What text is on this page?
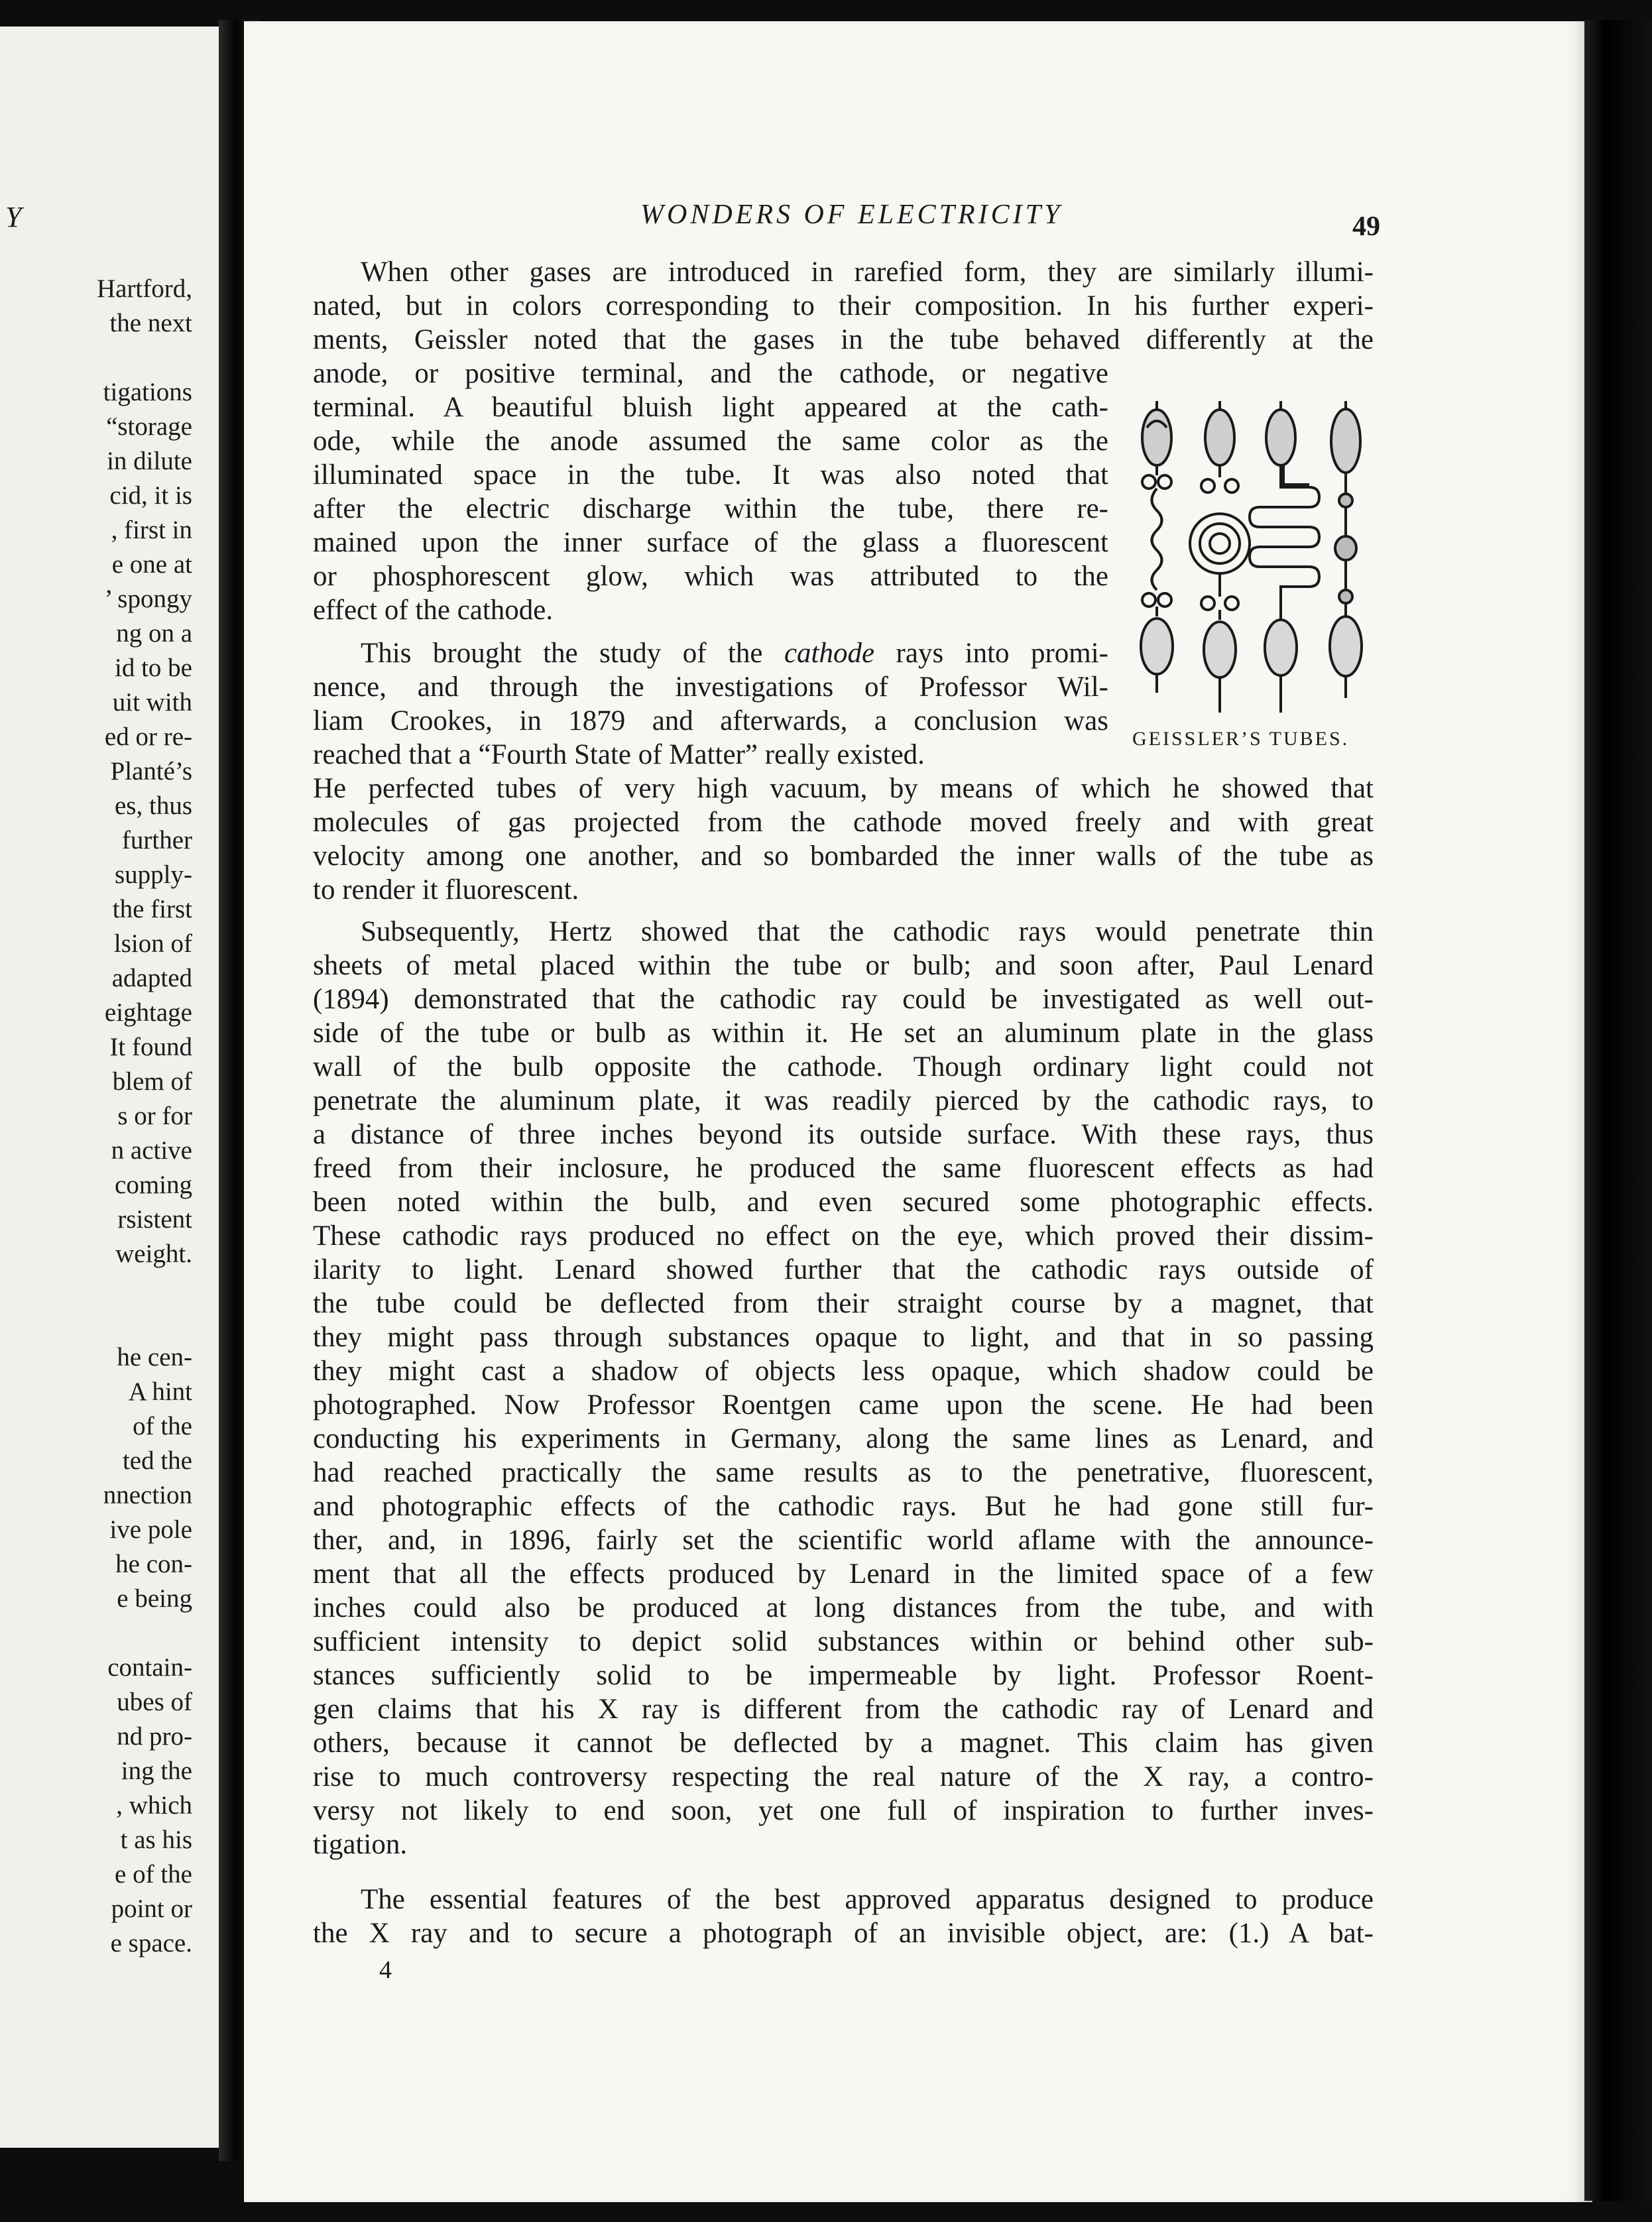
Y
Hartford,
the next

tigations
“storage
in dilute
cid, it is
, first in
e one at
’ spongy
ng on a
id to be
uit with
ed or re-
Planté’s
es, thus
further
supply-
the first
lsion of
adapted
eightage
It found
blem of
s or for
n active
coming
rsistent
weight.

he cen-
A hint
of the
ted the
nnection
ive pole
he con-
e being

contain-
ubes of
nd pro-
ing the
, which
t as his
e of the
point or
e space.
WONDERS OF ELECTRICITY	49
When other gases are introduced in rarefied form, they are similarly illumi-
nated, but in colors corresponding to their composition. In his further experi-
ments, Geissler noted that the gases in the tube behaved differently at the
anode, or positive terminal, and the cathode, or negative
terminal. A beautiful bluish light appeared at the cath-
ode, while the anode assumed the same color as the
illuminated space in the tube. It was also noted that
after the electric discharge within the tube, there re-
mained upon the inner surface of the glass a fluorescent
or phosphorescent glow, which was attributed to the
effect of the cathode.
This brought the study of the cathode rays into promi-
nence, and through the investigations of Professor Wil-
liam Crookes, in 1879 and afterwards, a conclusion was
reached that a “Fourth State of Matter” really existed.
He perfected tubes of very high vacuum, by means of which he showed that
molecules of gas projected from the cathode moved freely and with great
velocity among one another, and so bombarded the inner walls of the tube as
to render it fluorescent.
Subsequently, Hertz showed that the cathodic rays would penetrate thin
sheets of metal placed within the tube or bulb; and soon after, Paul Lenard
(1894) demonstrated that the cathodic ray could be investigated as well out-
side of the tube or bulb as within it. He set an aluminum plate in the glass
wall of the bulb opposite the cathode. Though ordinary light could not
penetrate the aluminum plate, it was readily pierced by the cathodic rays, to
a distance of three inches beyond its outside surface. With these rays, thus
freed from their inclosure, he produced the same fluorescent effects as had
been noted within the bulb, and even secured some photographic effects.
These cathodic rays produced no effect on the eye, which proved their dissim-
ilarity to light. Lenard showed further that the cathodic rays outside of
the tube could be deflected from their straight course by a magnet, that
they might pass through substances opaque to light, and that in so passing
they might cast a shadow of objects less opaque, which shadow could be
photographed. Now Professor Roentgen came upon the scene. He had been
conducting his experiments in Germany, along the same lines as Lenard, and
had reached practically the same results as to the penetrative, fluorescent,
and photographic effects of the cathodic rays. But he had gone still fur-
ther, and, in 1896, fairly set the scientific world aflame with the announce-
ment that all the effects produced by Lenard in the limited space of a few
inches could also be produced at long distances from the tube, and with
sufficient intensity to depict solid substances within or behind other sub-
stances sufficiently solid to be impermeable by light. Professor Roent-
gen claims that his X ray is different from the cathodic ray of Lenard and
others, because it cannot be deflected by a magnet. This claim has given
rise to much controversy respecting the real nature of the X ray, a contro-
versy not likely to end soon, yet one full of inspiration to further inves-
tigation.
The essential features of the best approved apparatus designed to produce
the X ray and to secure a photograph of an invisible object, are: (1.) A bat-
4
GEISSLER’S TUBES.
